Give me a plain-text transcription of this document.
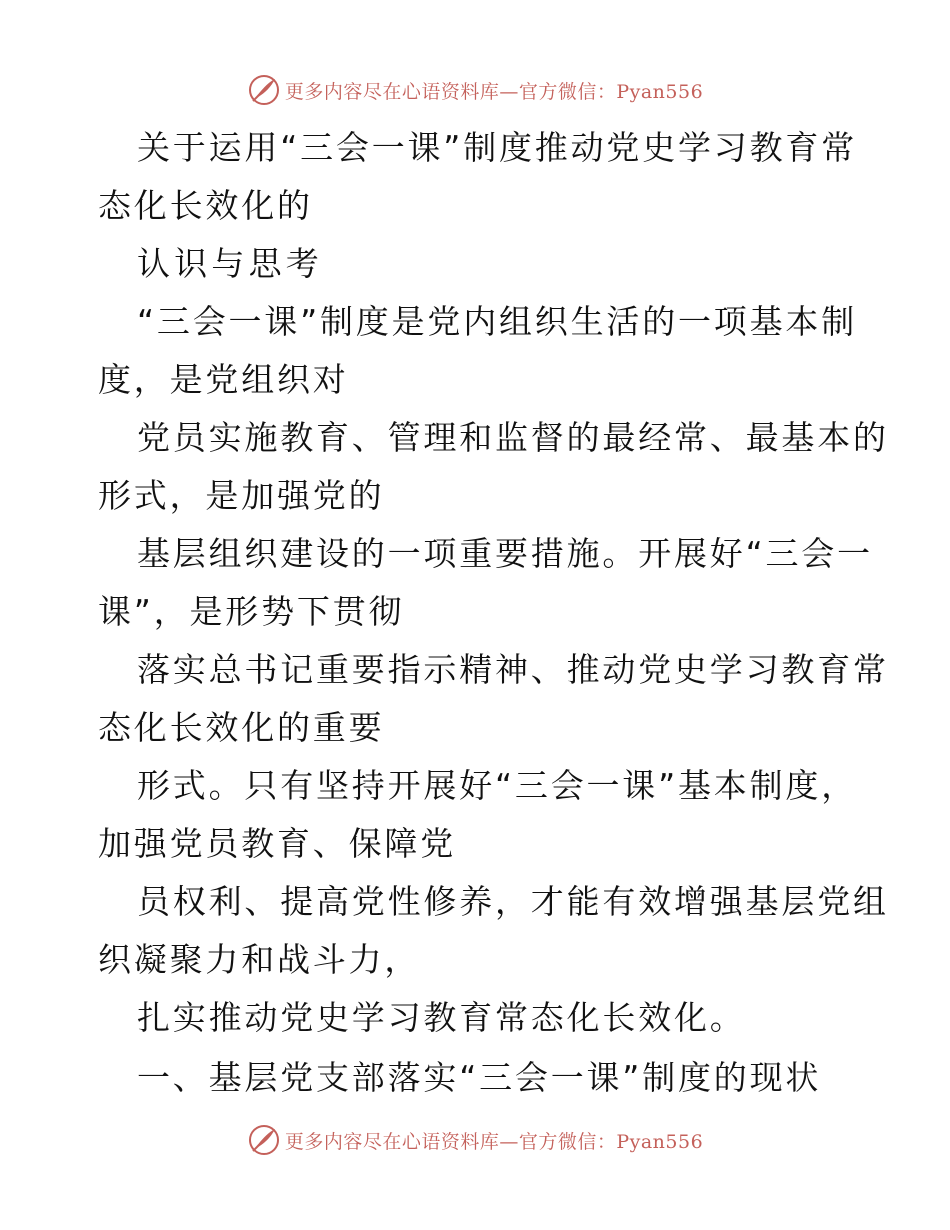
更多内容尽在心语资料库—官方微信：Pyan556
关于运用“三会一课”制度推动党史学习教育常
态化长效化的
认识与思考
“三会一课”制度是党内组织生活的一项基本制
度，是党组织对
党员实施教育、管理和监督的最经常、最基本的
形式，是加强党的
基层组织建设的一项重要措施。开展好“三会一
课”，是形势下贯彻
落实总书记重要指示精神、推动党史学习教育常
态化长效化的重要
形式。只有坚持开展好“三会一课”基本制度，
加强党员教育、保障党
员权利、提高党性修养，才能有效增强基层党组
织凝聚力和战斗力，
扎实推动党史学习教育常态化长效化。
一、基层党支部落实“三会一课”制度的现状
更多内容尽在心语资料库—官方微信：Pyan556
